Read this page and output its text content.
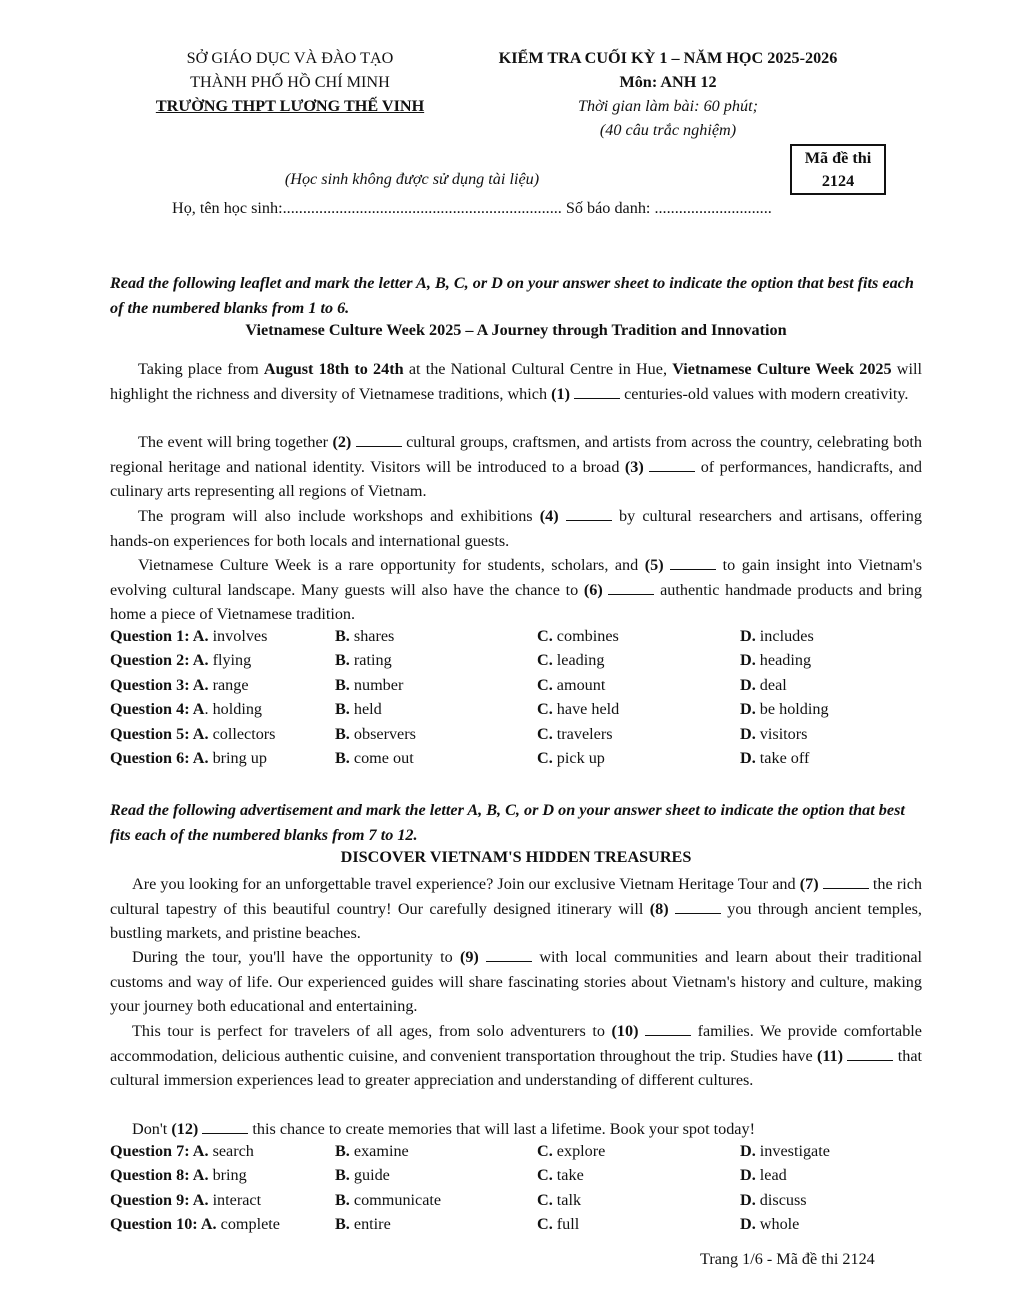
SỞ GIÁO DỤC VÀ ĐÀO TẠO
THÀNH PHỐ HỒ CHÍ MINH
TRƯỜNG THPT LƯƠNG THẾ VINH
KIỂM TRA CUỐI KỲ 1 – NĂM HỌC 2025-2026
Môn: ANH 12
Thời gian làm bài: 60 phút;
(40 câu trắc nghiệm)
Mã đề thi
2124
(Học sinh không được sử dụng tài liệu)
Họ, tên học sinh:..................................................................... Số báo danh: .............................
Read the following leaflet and mark the letter A, B, C, or D on your answer sheet to indicate the option that best fits each of the numbered blanks from 1 to 6.
Vietnamese Culture Week 2025 – A Journey through Tradition and Innovation

Taking place from August 18th to 24th at the National Cultural Centre in Hue, Vietnamese Culture Week 2025 will highlight the richness and diversity of Vietnamese traditions, which (1)	centuries-old values with modern creativity.

The event will bring together (2)	cultural groups, craftsmen, and artists from across the country, celebrating both regional heritage and national identity. Visitors will be introduced to a broad (3)	of performances, handicrafts, and culinary arts representing all regions of Vietnam.

The program will also include workshops and exhibitions (4)	by cultural researchers and artisans, offering hands-on experiences for both locals and international guests.

Vietnamese Culture Week is a rare opportunity for students, scholars, and (5)	to gain insight into Vietnam's evolving cultural landscape. Many guests will also have the chance to (6)	authentic handmade products and bring home a piece of Vietnamese tradition.

Question 1: A. involves	B. shares	C. combines	D. includes
Question 2: A. flying	B. rating	C. leading	D. heading
Question 3: A. range	B. number	C. amount	D. deal
Question 4: A. holding	B. held	C. have held	D. be holding
Question 5: A. collectors	B. observers	C. travelers	D. visitors
Question 6: A. bring up	B. come out	C. pick up	D. take off
Read the following advertisement and mark the letter A, B, C, or D on your answer sheet to indicate the option that best fits each of the numbered blanks from 7 to 12.
DISCOVER VIETNAM'S HIDDEN TREASURES

Are you looking for an unforgettable travel experience? Join our exclusive Vietnam Heritage Tour and (7)	the rich cultural tapestry of this beautiful country! Our carefully designed itinerary will (8)	you through ancient temples, bustling markets, and pristine beaches.

During the tour, you'll have the opportunity to (9)	with local communities and learn about their traditional customs and way of life. Our experienced guides will share fascinating stories about Vietnam's history and culture, making your journey both educational and entertaining.

This tour is perfect for travelers of all ages, from solo adventurers to (10)	families. We provide comfortable accommodation, delicious authentic cuisine, and convenient transportation throughout the trip. Studies have (11)	that cultural immersion experiences lead to greater appreciation and understanding of different cultures.

Don't (12)	this chance to create memories that will last a lifetime. Book your spot today!

Question 7: A. search	B. examine	C. explore	D. investigate
Question 8: A. bring	B. guide	C. take	D. lead
Question 9: A. interact	B. communicate	C. talk	D. discuss
Question 10: A. complete	B. entire	C. full	D. whole
Trang 1/6 - Mã đề thi 2124
